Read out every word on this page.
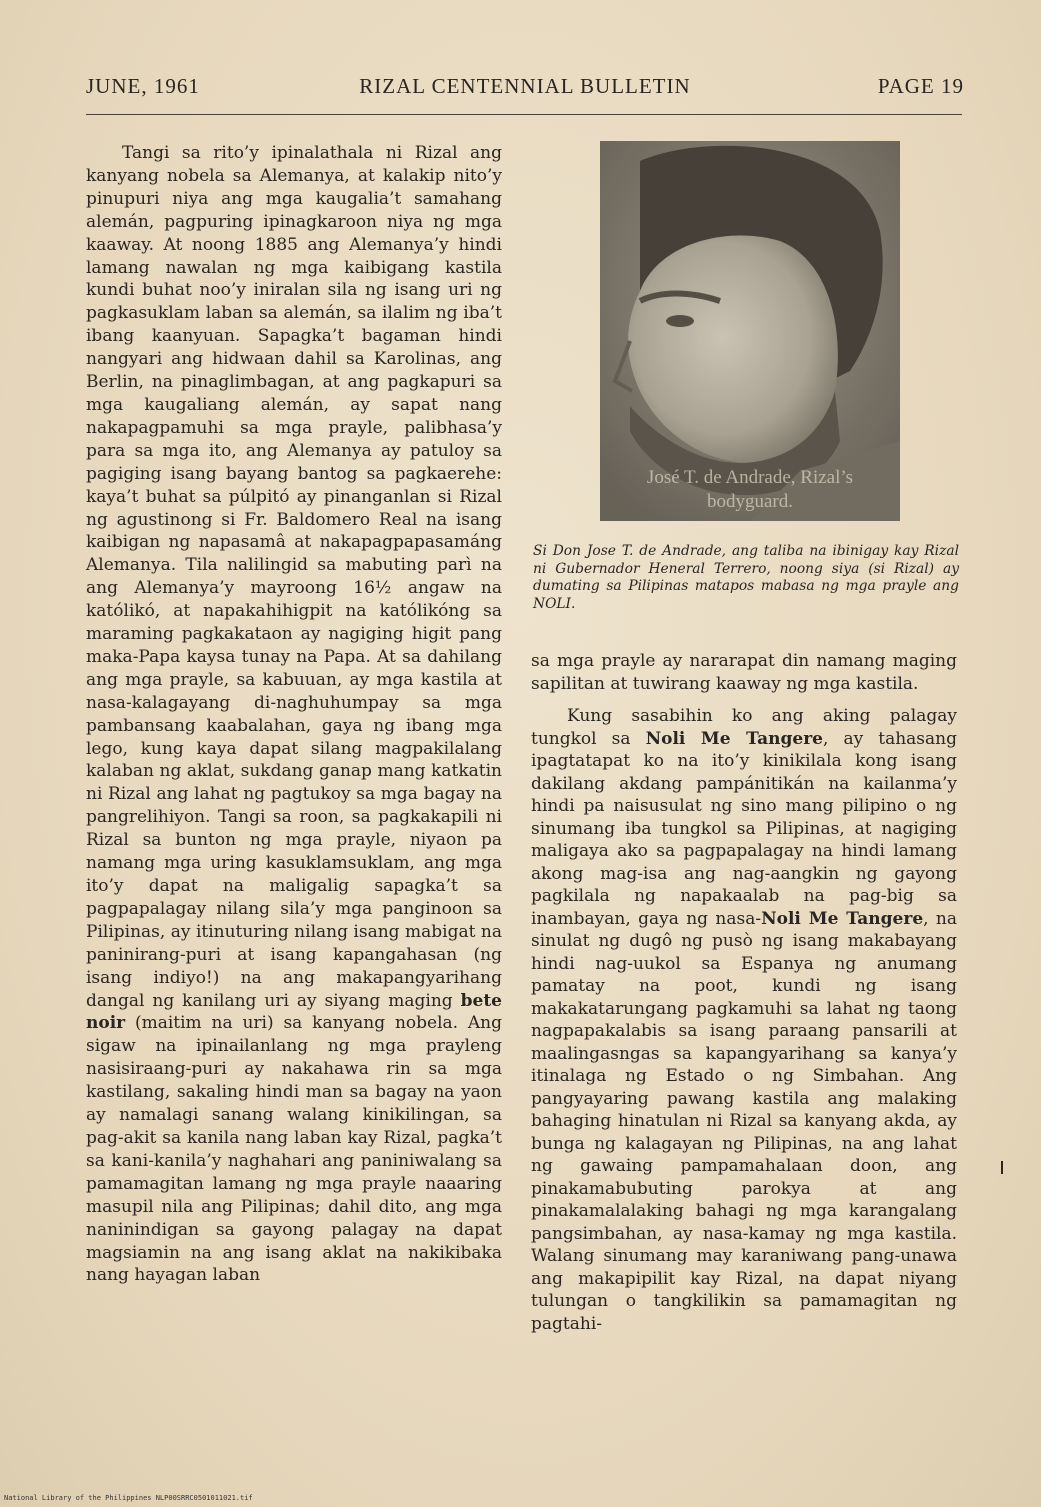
JUNE, 1961	RIZAL CENTENNIAL BULLETIN	PAGE 19

Tangi sa rito’y ipinalathala ni Rizal ang kanyang nobela sa Alemanya, at kalakip nito’y pinupuri niya ang mga kaugalia’t samahang alemán, pagpuring ipinagkaroon niya ng mga kaaway. At noong 1885 ang Alemanya’y hindi lamang nawalan ng mga kaibigang kastila kundi buhat noo’y iniralan sila ng isang uri ng pagkasuklam laban sa alemán, sa ilalim ng iba’t ibang kaanyuan. Sapagka’t bagaman hindi nangyari ang hidwaan dahil sa Karolinas, ang Berlin, na pinaglimbagan, at ang pagkapuri sa mga kaugaliang alemán, ay sapat nang nakapagpamuhi sa mga prayle, palibhasa’y para sa mga ito, ang Alemanya ay patuloy sa pagiging isang bayang bantog sa pagkaerehe: kaya’t buhat sa púlpitó ay pinanganlan si Rizal ng agustinong si Fr. Baldomero Real na isang kaibigan ng napasamâ at nakapagpapasamáng Alemanya. Tila nalilingid sa mabuting parì na ang Alemanya’y mayroong 16½ angaw na katólikó, at napakahihigpit na katólikóng sa maraming pagkakataon ay nagiging higit pang maka-Papa kaysa tunay na Papa. At sa dahilang ang mga prayle, sa kabuuan, ay mga kastila at nasa-kalagayang di-naghuhumpay sa mga pambansang kaabalahan, gaya ng ibang mga lego, kung kaya dapat silang magpakilalang kalaban ng aklat, sukdang ganap mang katkatin ni Rizal ang lahat ng pagtukoy sa mga bagay na pangrelihiyon. Tangi sa roon, sa pagkakapili ni Rizal sa bunton ng mga prayle, niyaon pa namang mga uring kasuklamsuklam, ang mga ito’y dapat na maligalig sapagka’t sa pagpapalagay nilang sila’y mga panginoon sa Pilipinas, ay itinuturing nilang isang mabigat na paninirang-puri at isang kapangahasan (ng isang indiyo!) na ang makapangyarihang dangal ng kanilang uri ay siyang maging bete noir (maitim na uri) sa kanyang nobela. Ang sigaw na ipinailanlang ng mga prayleng nasisiraang-puri ay nakahawa rin sa mga kastilang, sakaling hindi man sa bagay na yaon ay namalagi sanang walang kinikilingan, sa pag-akit sa kanila nang laban kay Rizal, pagka’t sa kani-kanila’y naghahari ang paniniwalang sa pamamagitan lamang ng mga prayle naaaring masupil nila ang Pilipinas; dahil dito, ang mga naninindigan sa gayong palagay na dapat magsiamin na ang isang aklat na nakikibaka nang hayagan laban

José T. de Andrade, Rizal’s
bodyguard.
Si Don Jose T. de Andrade, ang taliba na ibinigay kay Rizal ni Gubernador Heneral Terrero, noong siya (si Rizal) ay dumating sa Pilipinas matapos mabasa ng mga prayle ang NOLI.

sa mga prayle ay nararapat din namang maging sapilitan at tuwirang kaaway ng mga kastila.

Kung sasabihin ko ang aking palagay tungkol sa Noli Me Tangere, ay tahasang ipagtatapat ko na ito’y kinikilala kong isang dakilang akdang pampánitikán na kailanma’y hindi pa naisusulat ng sino mang pilipino o ng sinumang iba tungkol sa Pilipinas, at nagiging maligaya ako sa pagpapalagay na hindi lamang akong mag-isa ang nag-aangkin ng gayong pagkilala ng napakaalab na pag-big sa inambayan, gaya ng nasa-Noli Me Tangere, na sinulat ng dugô ng pusò ng isang makabayang hindi nag-uukol sa Espanya ng anumang pamatay na poot, kundi ng isang makakatarungang pagkamuhi sa lahat ng taong nagpapakalabis sa isang paraang pansarili at maalingasngas sa kapangyarihang sa kanya’y itinalaga ng Estado o ng Simbahan. Ang pangyayaring pawang kastila ang malaking bahaging hinatulan ni Rizal sa kanyang akda, ay bunga ng kalagayan ng Pilipinas, na ang lahat ng gawaing pampamahalaan doon, ang pinakamabubuting parokya at ang pinakamalalaking bahagi ng mga karangalang pangsimbahan, ay nasa-kamay ng mga kastila. Walang sinumang may karaniwang pang-unawa ang makapipilit kay Rizal, na dapat niyang tulungan o tangkilikin sa pamamagitan ng pagtahi-

National Library of the Philippines NLP00SRRC0501011021.tif
